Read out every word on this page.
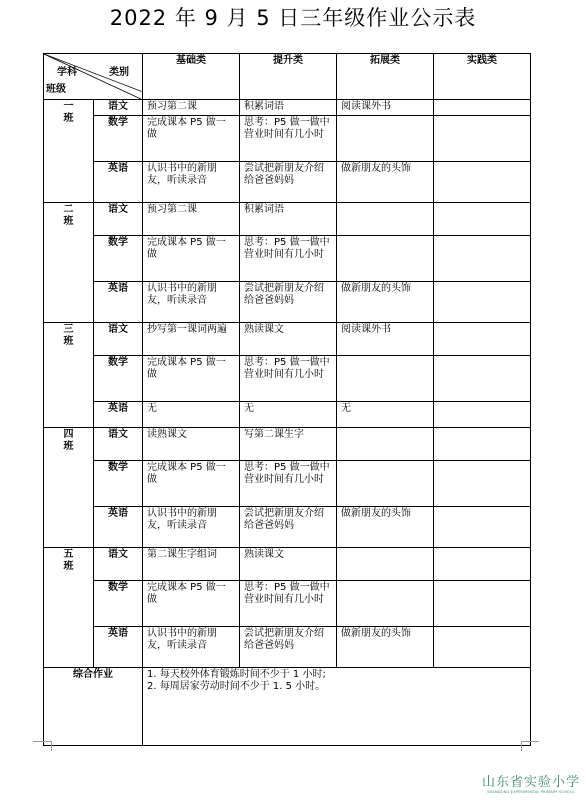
2022 年 9 月 5 日三年级作业公示表
学科 类别
班级		基础类	提升类	拓展类	实践类
一
班	语文	预习第二课	积累词语	阅读课外书	
	数学	完成课本 P5 做一做	思考：P5 做一做中营业时间有几小时		
	英语	认识书中的新朋友，听读录音	尝试把新朋友介绍给爸爸妈妈	做新朋友的头饰	
二
班	语文	预习第二课	积累词语		
	数学	完成课本 P5 做一做	思考：P5 做一做中营业时间有几小时		
	英语	认识书中的新朋友，听读录音	尝试把新朋友介绍给爸爸妈妈	做新朋友的头饰	
三
班	语文	抄写第一课词两遍	熟读课文	阅读课外书	
	数学	完成课本 P5 做一做	思考：P5 做一做中营业时间有几小时		
	英语	无	无	无	
四
班	语文	读熟课文	写第二课生字		
	数学	完成课本 P5 做一做	思考：P5 做一做中营业时间有几小时		
	英语	认识书中的新朋友，听读录音	尝试把新朋友介绍给爸爸妈妈	做新朋友的头饰	
五
班	语文	第二课生字组词	熟读课文		
	数学	完成课本 P5 做一做	思考：P5 做一做中营业时间有几小时		
	英语	认识书中的新朋友，听读录音	尝试把新朋友介绍给爸爸妈妈	做新朋友的头饰	
综合作业		1. 每天校外体育锻炼时间不少于 1 小时;
2. 每周居家劳动时间不少于 1. 5 小时。			
山东省实验小学
SHANDONG EXPERIMENTAL PRIMARY SCHOOL
